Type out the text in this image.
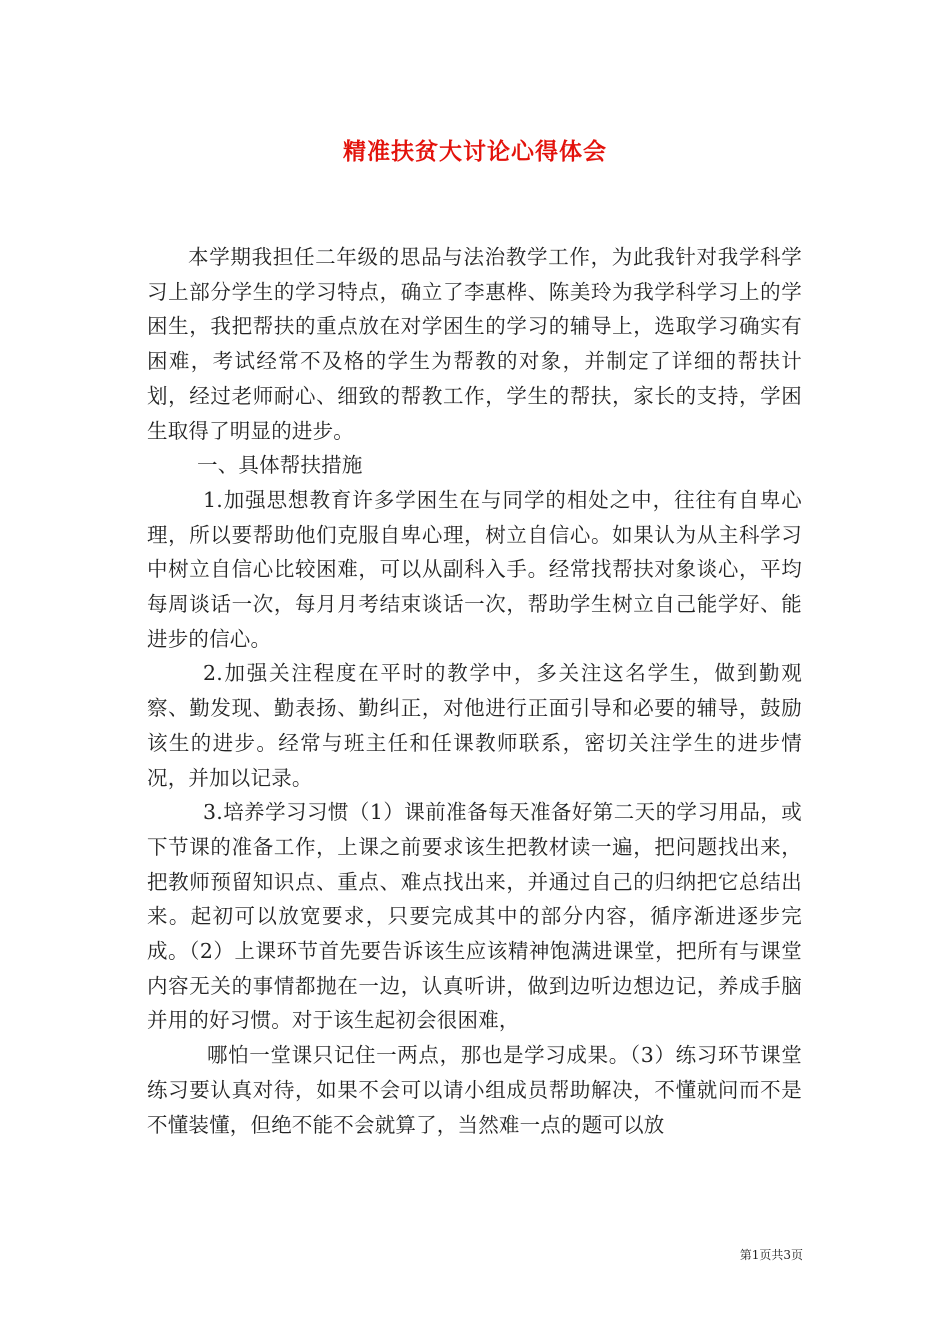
精准扶贫大讨论心得体会

本学期我担任二年级的思品与法治教学工作，为此我针对我学科学习上部分学生的学习特点，确立了李惠桦、陈美玲为我学科学习上的学困生，我把帮扶的重点放在对学困生的学习的辅导上，选取学习确实有困难，考试经常不及格的学生为帮教的对象，并制定了详细的帮扶计划，经过老师耐心、细致的帮教工作，学生的帮扶，家长的支持，学困生取得了明显的进步。

一、具体帮扶措施

1.加强思想教育许多学困生在与同学的相处之中，往往有自卑心理，所以要帮助他们克服自卑心理，树立自信心。如果认为从主科学习中树立自信心比较困难，可以从副科入手。经常找帮扶对象谈心，平均每周谈话一次，每月月考结束谈话一次，帮助学生树立自己能学好、能进步的信心。

2.加强关注程度在平时的教学中，多关注这名学生，做到勤观察、勤发现、勤表扬、勤纠正，对他进行正面引导和必要的辅导，鼓励该生的进步。经常与班主任和任课教师联系，密切关注学生的进步情况，并加以记录。

3.培养学习习惯（1）课前准备每天准备好第二天的学习用品，或下节课的准备工作，上课之前要求该生把教材读一遍，把问题找出来，把教师预留知识点、重点、难点找出来，并通过自己的归纳把它总结出来。起初可以放宽要求，只要完成其中的部分内容，循序渐进逐步完成。（2）上课环节首先要告诉该生应该精神饱满进课堂，把所有与课堂内容无关的事情都抛在一边，认真听讲，做到边听边想边记，养成手脑并用的好习惯。对于该生起初会很困难，

哪怕一堂课只记住一两点，那也是学习成果。（3）练习环节课堂练习要认真对待，如果不会可以请小组成员帮助解决，不懂就问而不是不懂装懂，但绝不能不会就算了，当然难一点的题可以放

第1页共3页
